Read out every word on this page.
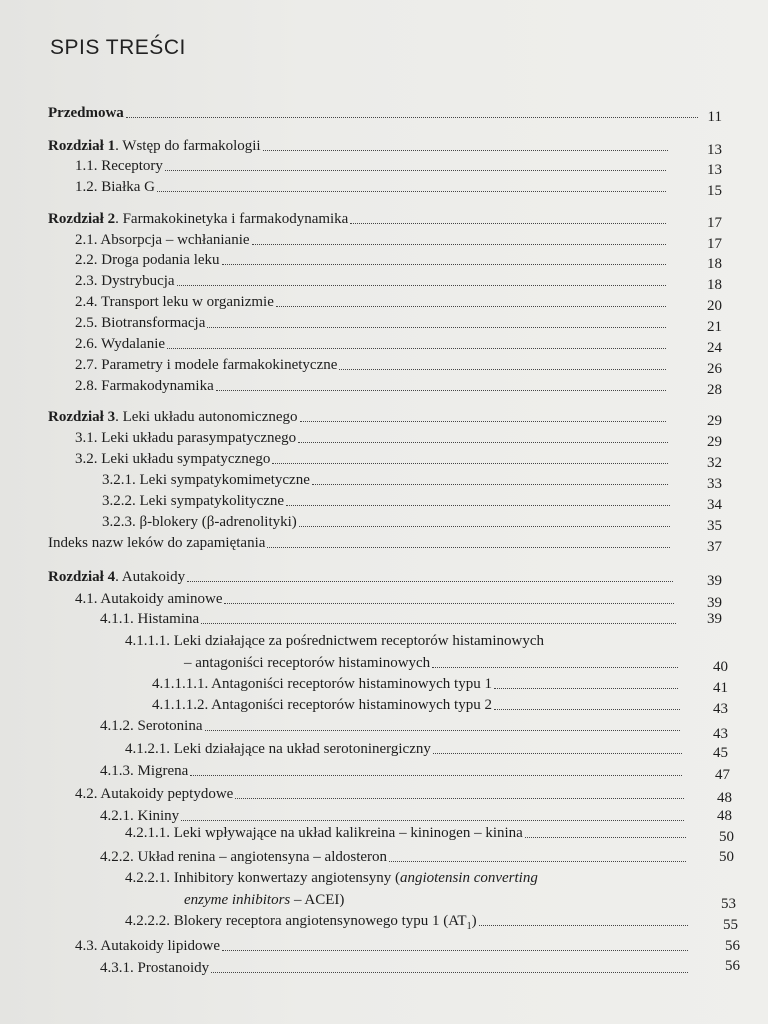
SPIS TREŚCI
Przedmowa	11
Rozdział 1. Wstęp do farmakologii	13
1.1. Receptory	13
1.2. Białka G	15
Rozdział 2. Farmakokinetyka i farmakodynamika	17
2.1. Absorpcja – wchłanianie	17
2.2. Droga podania leku	18
2.3. Dystrybucja	18
2.4. Transport leku w organizmie	20
2.5. Biotransformacja	21
2.6. Wydalanie	24
2.7. Parametry i modele farmakokinetyczne	26
2.8. Farmakodynamika	28
Rozdział 3. Leki układu autonomicznego	29
3.1. Leki układu parasympatycznego	29
3.2. Leki układu sympatycznego	32
3.2.1. Leki sympatykomimetyczne	33
3.2.2. Leki sympatykolityczne	34
3.2.3. β-blokery (β-adrenolityki)	35
Indeks nazw leków do zapamiętania	37
Rozdział 4. Autakoidy	39
4.1. Autakoidy aminowe	39
4.1.1. Histamina	39
4.1.1.1. Leki działające za pośrednictwem receptorów histaminowych
– antagoniści receptorów histaminowych	40
4.1.1.1.1. Antagoniści receptorów histaminowych typu 1	41
4.1.1.1.2. Antagoniści receptorów histaminowych typu 2	43
4.1.2. Serotonina	43
4.1.2.1. Leki działające na układ serotoninergiczny	45
4.1.3. Migrena	47
4.2. Autakoidy peptydowe	48
4.2.1. Kininy	48
4.2.1.1. Leki wpływające na układ kalikreina – kininogen – kinina	50
4.2.2. Układ renina – angiotensyna – aldosteron	50
4.2.2.1. Inhibitory konwertazy angiotensyny (angiotensin converting
enzyme inhibitors – ACEI)	53
4.2.2.2. Blokery receptora angiotensynowego typu 1 $(AT_1)$	55
4.3. Autakoidy lipidowe	56
4.3.1. Prostanoidy	56
